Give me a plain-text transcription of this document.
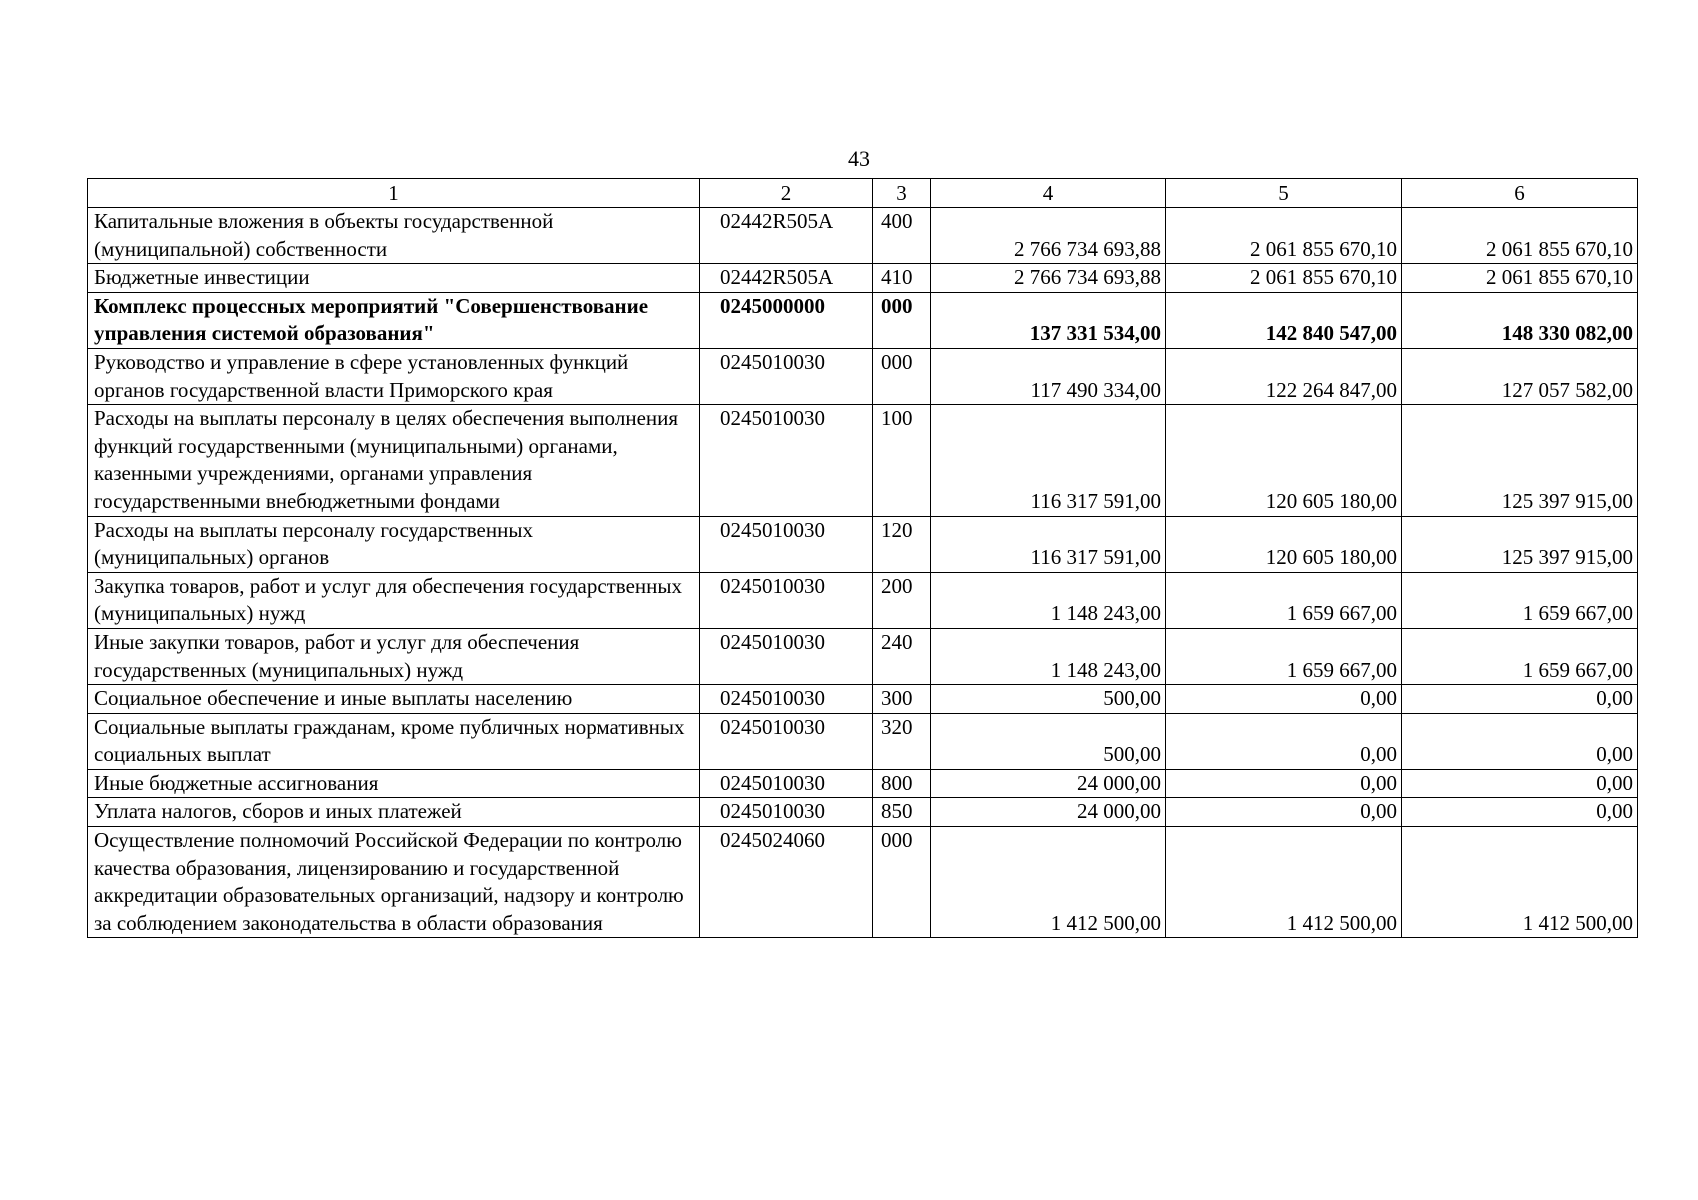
43
1	2	3	4	5	6
Капитальные вложения в объекты государственной (муниципальной) собственности	02442R505A	400	2 766 734 693,88	2 061 855 670,10	2 061 855 670,10
Бюджетные инвестиции	02442R505A	410	2 766 734 693,88	2 061 855 670,10	2 061 855 670,10
Комплекс процессных мероприятий "Совершенствование управления системой образования"	0245000000	000	137 331 534,00	142 840 547,00	148 330 082,00
Руководство и управление в сфере установленных функций органов государственной власти Приморского края	0245010030	000	117 490 334,00	122 264 847,00	127 057 582,00
Расходы на выплаты персоналу в целях обеспечения выполнения функций государственными (муниципальными) органами, казенными учреждениями, органами управления государственными внебюджетными фондами	0245010030	100	116 317 591,00	120 605 180,00	125 397 915,00
Расходы на выплаты персоналу государственных (муниципальных) органов	0245010030	120	116 317 591,00	120 605 180,00	125 397 915,00
Закупка товаров, работ и услуг для обеспечения государственных (муниципальных) нужд	0245010030	200	1 148 243,00	1 659 667,00	1 659 667,00
Иные закупки товаров, работ и услуг для обеспечения государственных (муниципальных) нужд	0245010030	240	1 148 243,00	1 659 667,00	1 659 667,00
Социальное обеспечение и иные выплаты населению	0245010030	300	500,00	0,00	0,00
Социальные выплаты гражданам, кроме публичных нормативных социальных выплат	0245010030	320	500,00	0,00	0,00
Иные бюджетные ассигнования	0245010030	800	24 000,00	0,00	0,00
Уплата налогов, сборов и иных платежей	0245010030	850	24 000,00	0,00	0,00
Осуществление полномочий Российской Федерации по контролю качества образования, лицензированию и государственной аккредитации образовательных организаций, надзору и контролю за соблюдением законодательства в области образования	0245024060	000	1 412 500,00	1 412 500,00	1 412 500,00
